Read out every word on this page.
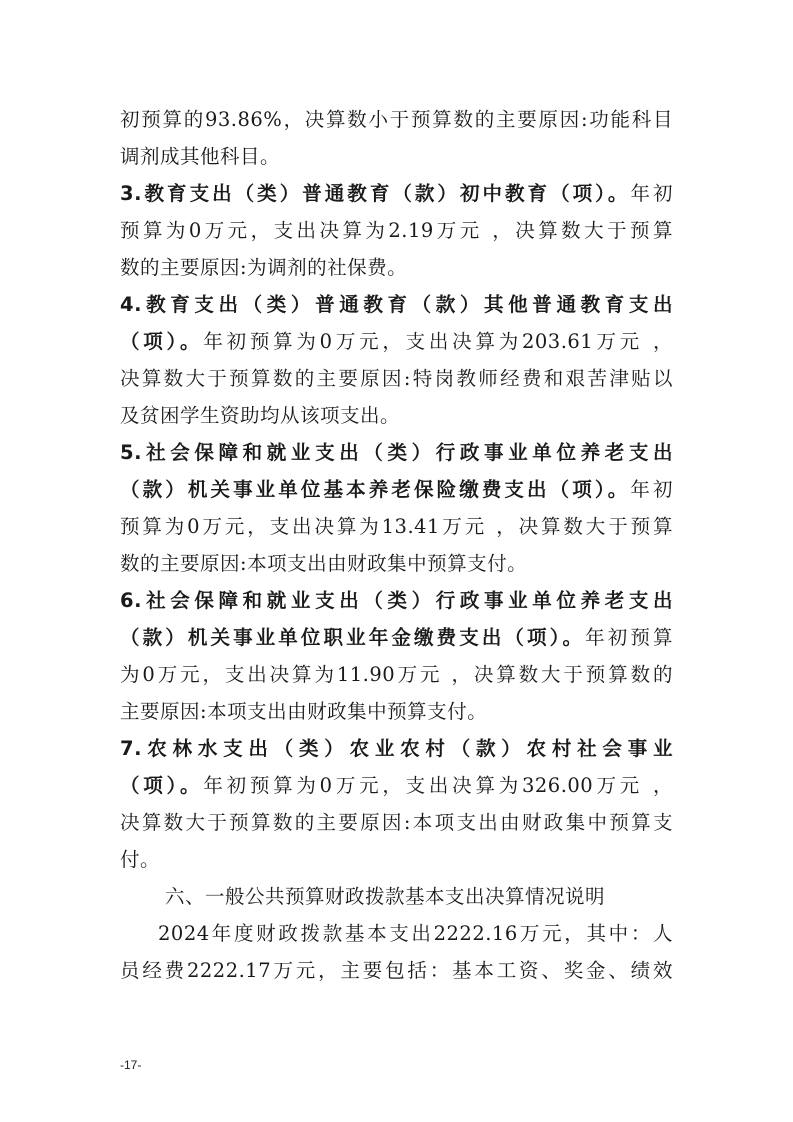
初预算的93.86%，决算数小于预算数的主要原因:功能科目
调剂成其他科目。
3.教育支出（类）普通教育（款）初中教育（项）。年初
预算为0万元，支出决算为2.19万元 ，决算数大于预算
数的主要原因:为调剂的社保费。
4.教育支出（类）普通教育（款）其他普通教育支出
（项）。年初预算为0万元，支出决算为203.61万元 ，
决算数大于预算数的主要原因:特岗教师经费和艰苦津贴以
及贫困学生资助均从该项支出。
5.社会保障和就业支出（类）行政事业单位养老支出
（款）机关事业单位基本养老保险缴费支出（项）。年初
预算为0万元，支出决算为13.41万元 ，决算数大于预算
数的主要原因:本项支出由财政集中预算支付。
6.社会保障和就业支出（类）行政事业单位养老支出
（款）机关事业单位职业年金缴费支出（项）。年初预算
为0万元，支出决算为11.90万元 ，决算数大于预算数的
主要原因:本项支出由财政集中预算支付。
7.农林水支出（类）农业农村（款）农村社会事业
（项）。年初预算为0万元，支出决算为326.00万元 ，
决算数大于预算数的主要原因:本项支出由财政集中预算支
付。
六、一般公共预算财政拨款基本支出决算情况说明
2024年度财政拨款基本支出2222.16万元，其中：人
员经费2222.17万元，主要包括：基本工资、奖金、绩效
-17-
